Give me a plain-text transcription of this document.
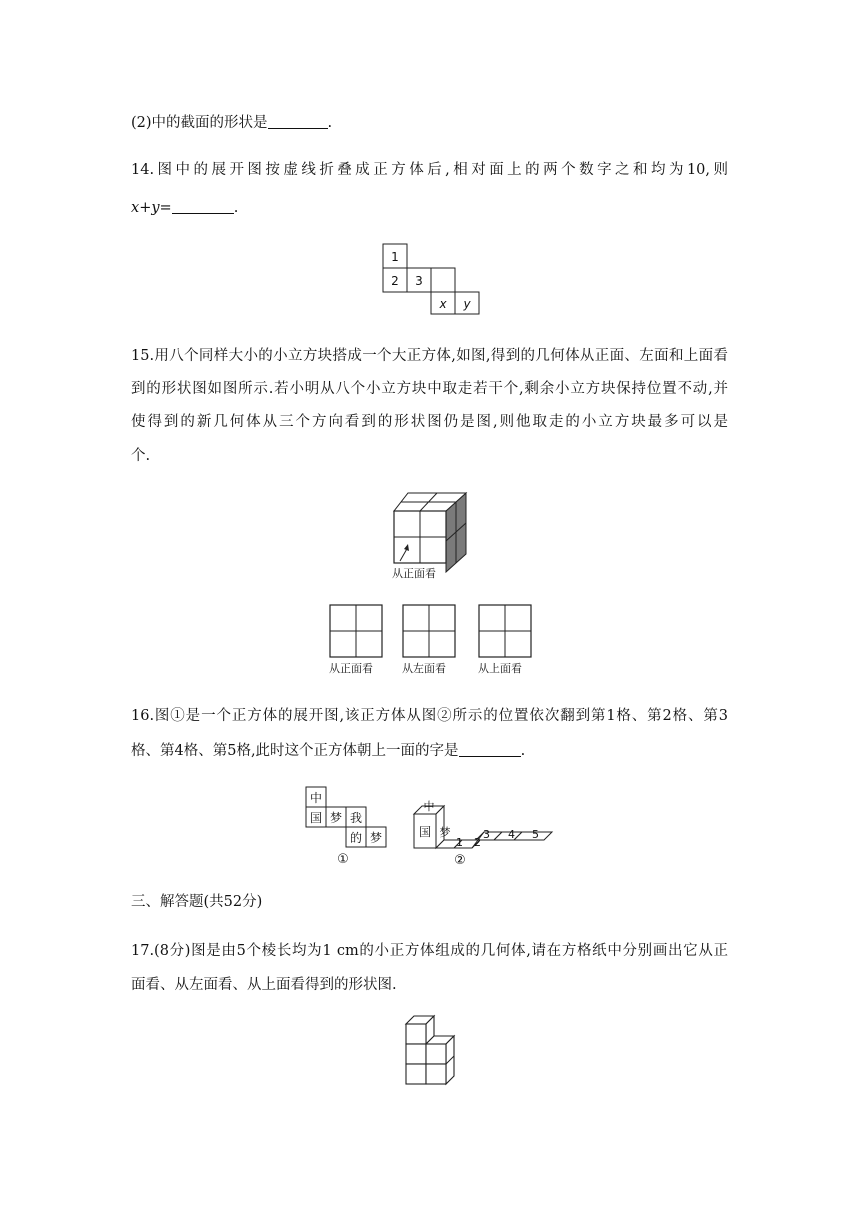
(2)中的截面的形状是	.
14.图中的展开图按虚线折叠成正方体后,相对面上的两个数字之和均为10,则
x+y=	.
1
2 3
x y
15.用八个同样大小的小立方块搭成一个大正方体,如图,得到的几何体从正面、左面和上面看
到的形状图如图所示.若小明从八个小立方块中取走若干个,剩余小立方块保持位置不动,并
使得到的新几何体从三个方向看到的形状图仍是图,则他取走的小立方块最多可以是
个.
从正面看
从正面看	从左面看	从上面看
16.图①是一个正方体的展开图,该正方体从图②所示的位置依次翻到第1格、第2格、第3
格、第4格、第5格,此时这个正方体朝上一面的字是	.
中
国 梦 我
的 梦
①
中
国 梦
1 2
3 4 5
②
三、解答题(共52分)
17.(8分)图是由5个棱长均为1 cm的小正方体组成的几何体,请在方格纸中分别画出它从正
面看、从左面看、从上面看得到的形状图.
